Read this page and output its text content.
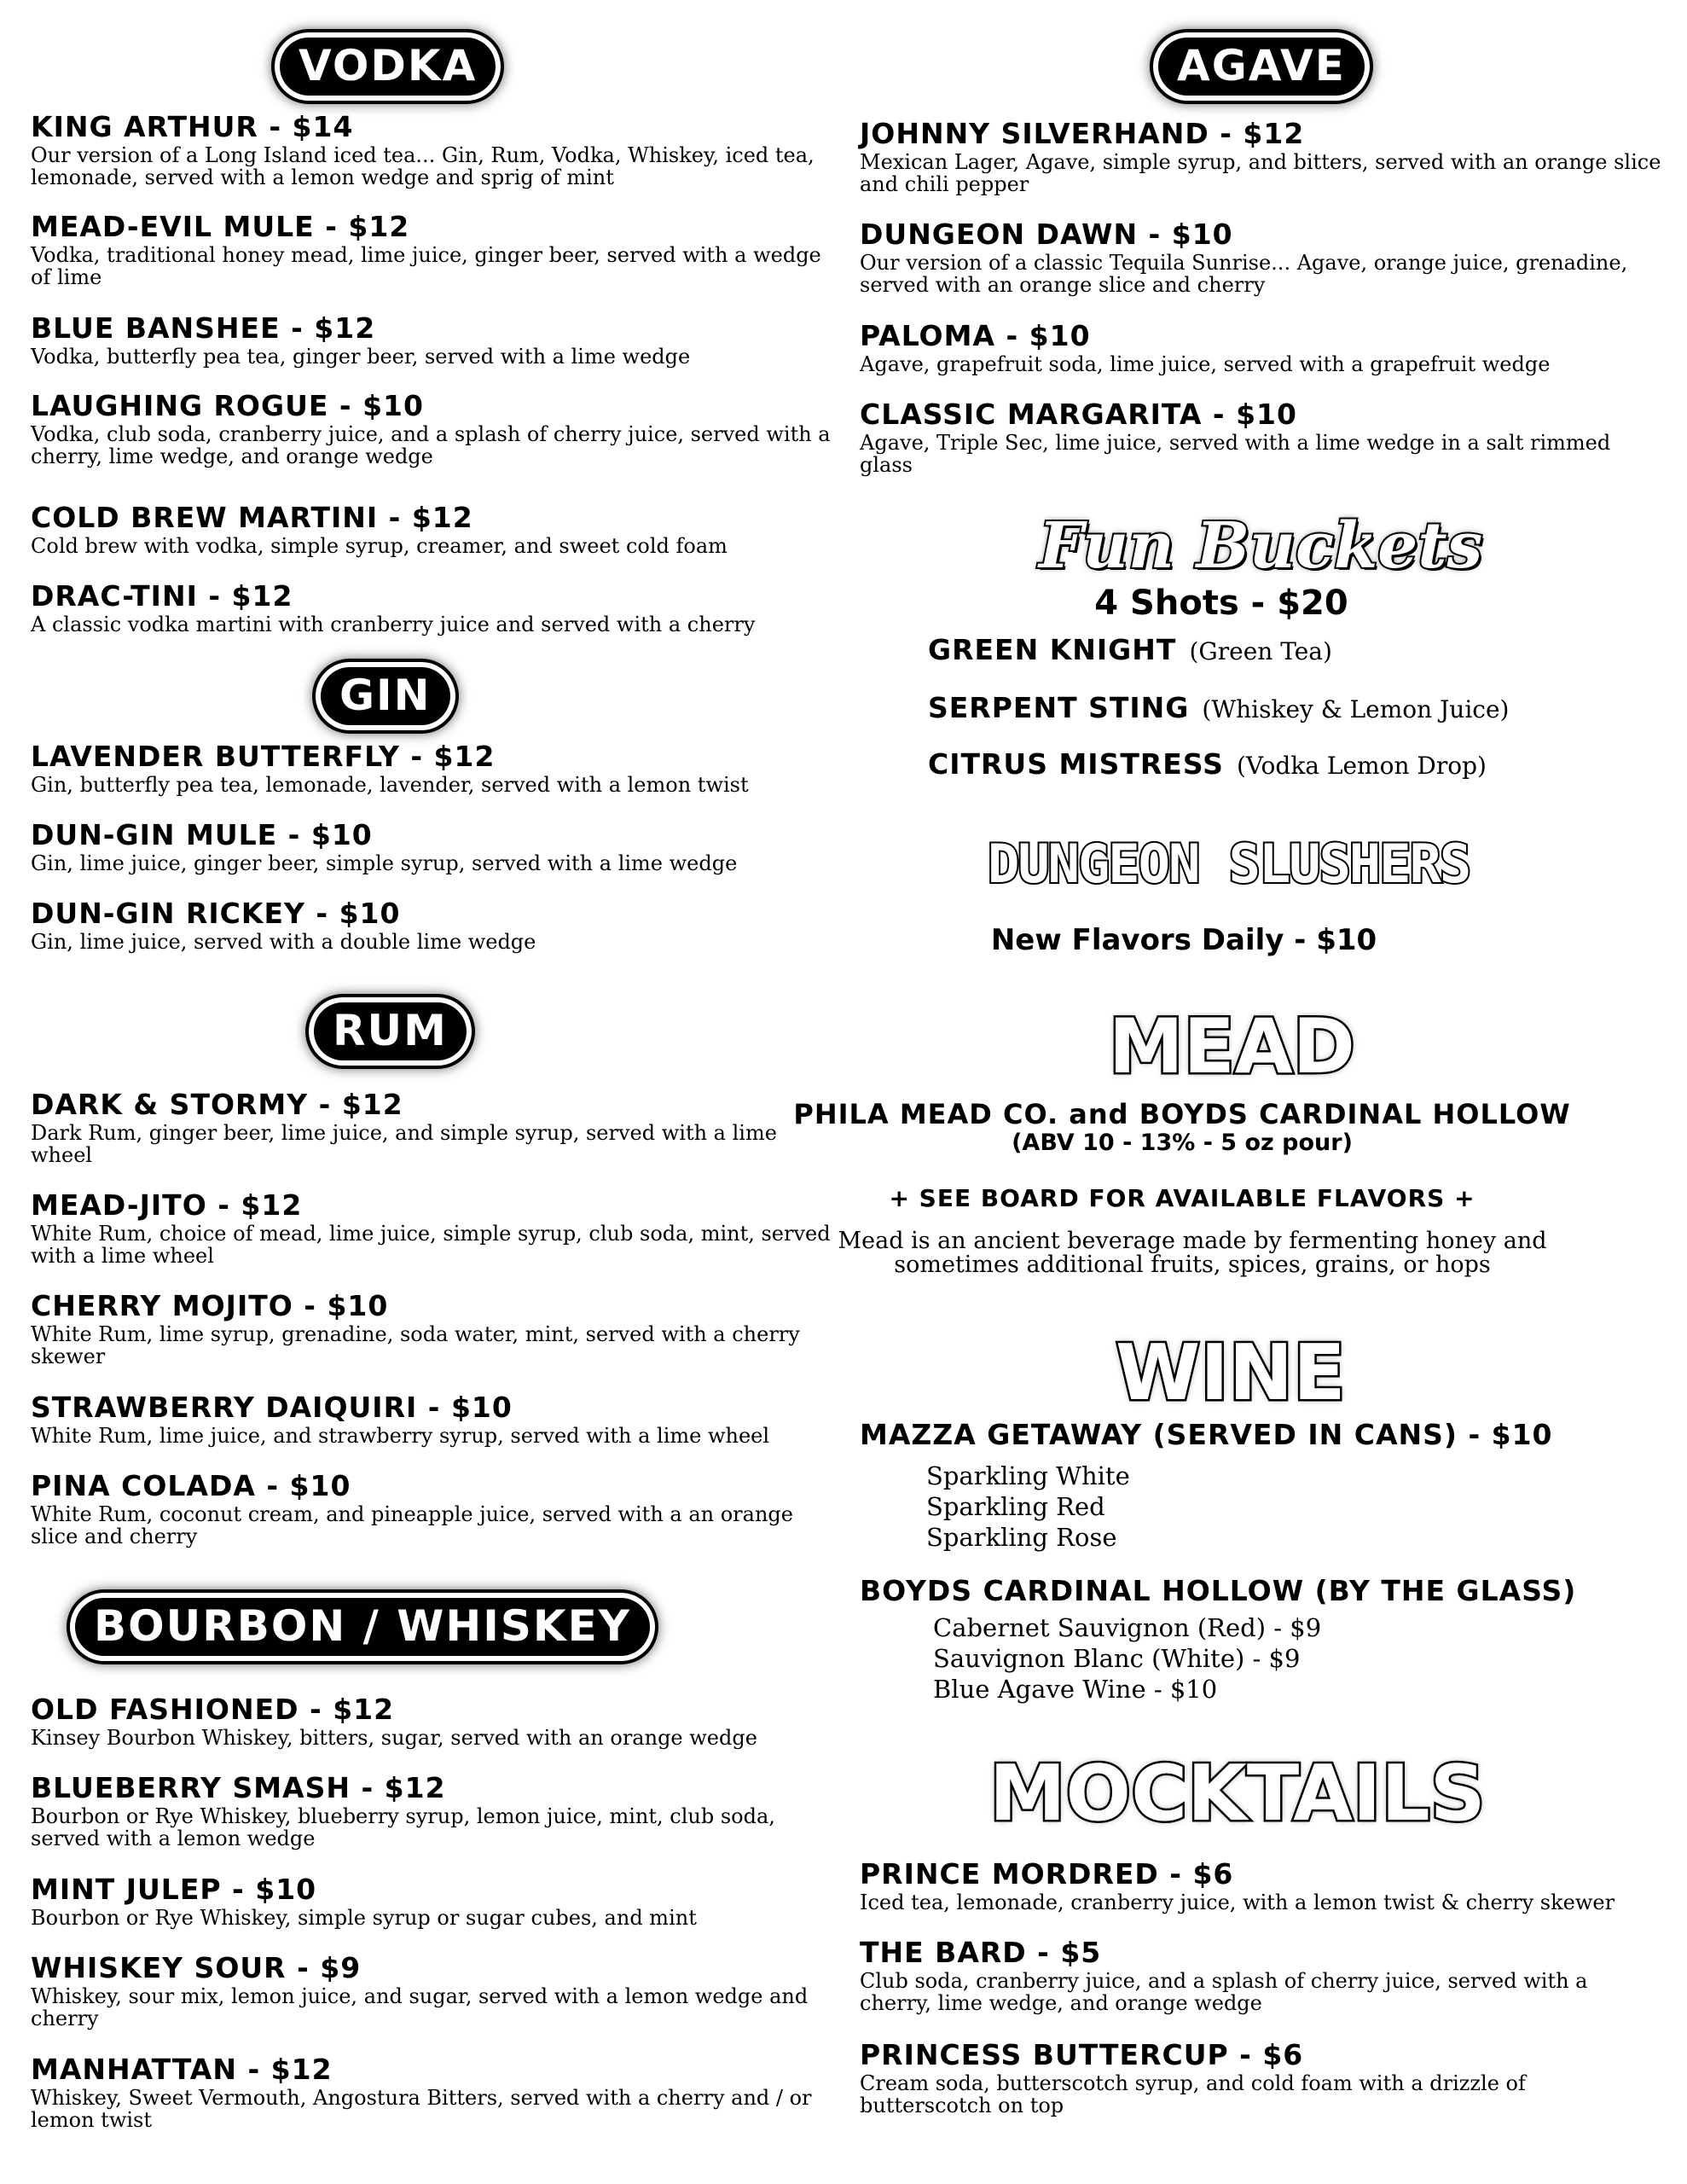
VODKA
KING ARTHUR - $14
Our version of a Long Island iced tea... Gin, Rum, Vodka, Whiskey, iced tea, lemonade, served with a lemon wedge and sprig of mint
MEAD-EVIL MULE - $12
Vodka, traditional honey mead, lime juice, ginger beer, served with a wedge of lime
BLUE BANSHEE - $12
Vodka, butterfly pea tea, ginger beer, served with a lime wedge
LAUGHING ROGUE - $10
Vodka, club soda, cranberry juice, and a splash of cherry juice, served with a cherry, lime wedge, and orange wedge
COLD BREW MARTINI - $12
Cold brew with vodka, simple syrup, creamer, and sweet cold foam
DRAC-TINI - $12
A classic vodka martini with cranberry juice and served with a cherry
GIN
LAVENDER BUTTERFLY - $12
Gin, butterfly pea tea, lemonade, lavender, served with a lemon twist
DUN-GIN MULE - $10
Gin, lime juice, ginger beer, simple syrup, served with a lime wedge
DUN-GIN RICKEY - $10
Gin, lime juice, served with a double lime wedge
RUM
DARK & STORMY - $12
Dark Rum, ginger beer, lime juice, and simple syrup, served with a lime wheel
MEAD-JITO - $12
White Rum, choice of mead, lime juice, simple syrup, club soda, mint, served with a lime wheel
CHERRY MOJITO - $10
White Rum, lime syrup, grenadine, soda water, mint, served with a cherry skewer
STRAWBERRY DAIQUIRI - $10
White Rum, lime juice, and strawberry syrup, served with a lime wheel
PINA COLADA - $10
White Rum, coconut cream, and pineapple juice, served with a an orange slice and cherry
BOURBON / WHISKEY
OLD FASHIONED - $12
Kinsey Bourbon Whiskey, bitters, sugar, served with an orange wedge
BLUEBERRY SMASH - $12
Bourbon or Rye Whiskey, blueberry syrup, lemon juice, mint, club soda, served with a lemon wedge
MINT JULEP - $10
Bourbon or Rye Whiskey, simple syrup or sugar cubes, and mint
WHISKEY SOUR - $9
Whiskey, sour mix, lemon juice, and sugar, served with a lemon wedge and cherry
MANHATTAN - $12
Whiskey, Sweet Vermouth, Angostura Bitters, served with a cherry and / or lemon twist
AGAVE
JOHNNY SILVERHAND - $12
Mexican Lager, Agave, simple syrup, and bitters, served with an orange slice and chili pepper
DUNGEON DAWN - $10
Our version of a classic Tequila Sunrise... Agave, orange juice, grenadine, served with an orange slice and cherry
PALOMA - $10
Agave, grapefruit soda, lime juice, served with a grapefruit wedge
CLASSIC MARGARITA - $10
Agave, Triple Sec, lime juice, served with a lime wedge in a salt rimmed glass
Fun Buckets
4 Shots - $20
GREEN KNIGHT (Green Tea)
SERPENT STING (Whiskey & Lemon Juice)
CITRUS MISTRESS (Vodka Lemon Drop)
DUNGEON SLUSHERS
New Flavors Daily - $10
MEAD
PHILA MEAD CO. and BOYDS CARDINAL HOLLOW
(ABV 10 - 13% - 5 oz pour)
+ SEE BOARD FOR AVAILABLE FLAVORS +
Mead is an ancient beverage made by fermenting honey and sometimes additional fruits, spices, grains, or hops
WINE
MAZZA GETAWAY (SERVED IN CANS) - $10
Sparkling White
Sparkling Red
Sparkling Rose
BOYDS CARDINAL HOLLOW (BY THE GLASS)
Cabernet Sauvignon (Red) - $9
Sauvignon Blanc (White) - $9
Blue Agave Wine - $10
MOCKTAILS
PRINCE MORDRED - $6
Iced tea, lemonade, cranberry juice, with a lemon twist & cherry skewer
THE BARD - $5
Club soda, cranberry juice, and a splash of cherry juice, served with a cherry, lime wedge, and orange wedge
PRINCESS BUTTERCUP - $6
Cream soda, butterscotch syrup, and cold foam with a drizzle of butterscotch on top
